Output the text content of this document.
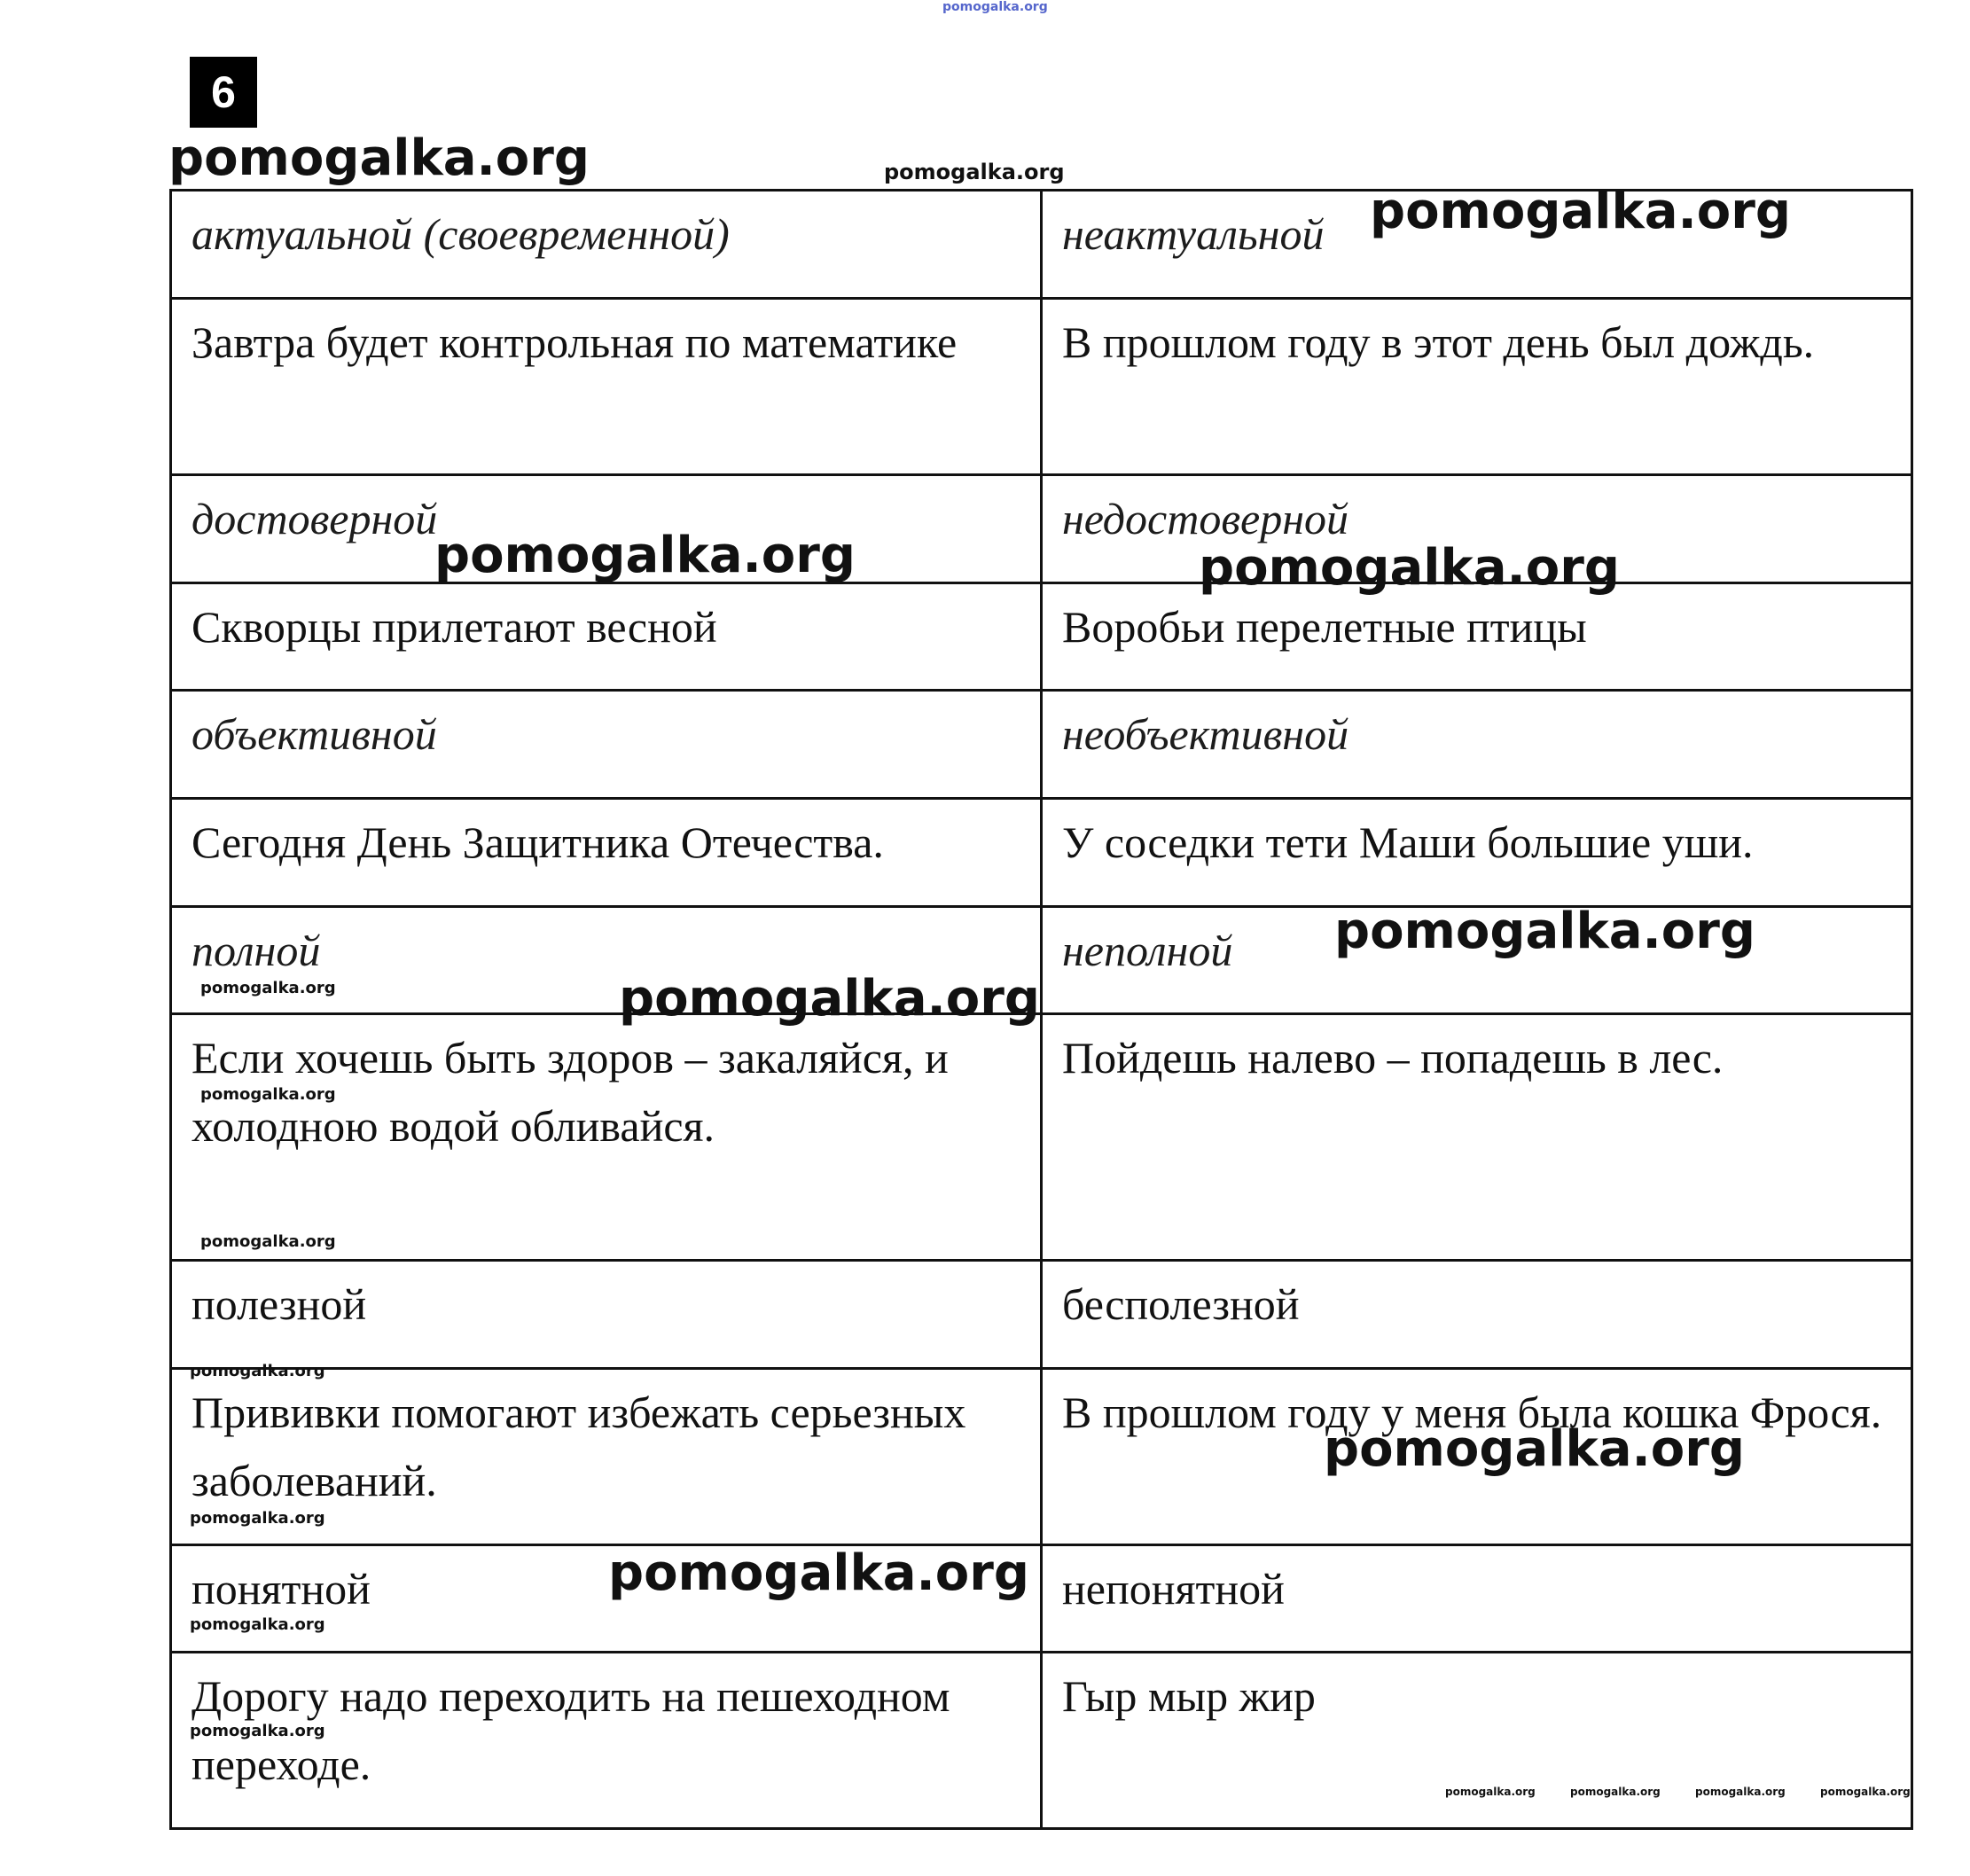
6
pomogalka.org
pomogalka.org	pomogalka.org
pomogalka.org
pomogalka.org	pomogalka.org
pomogalka.org
pomogalka.org	pomogalka.org
pomogalka.org
pomogalka.org
pomogalka.org
pomogalka.org
pomogalka.org
pomogalka.org
pomogalka.org
pomogalka.org
pomogalka.org	pomogalka.org	pomogalka.org	pomogalka.org
актуальной (своевременной)	неактуальной
Завтра будет контрольная по математике	В прошлом году в этот день был дождь.
достоверной	недостоверной
Скворцы прилетают весной	Воробьи перелетные птицы
объективной	необъективной
Сегодня День Защитника Отечества.	У соседки тети Маши большие уши.
полной	неполной
Если хочешь быть здоров – закаляйся, и холодною водой обливайся.	Пойдешь налево – попадешь в лес.
полезной	бесполезной
Прививки помогают избежать серьезных заболеваний.	В прошлом году у меня была кошка Фрося.
понятной	непонятной
Дорогу надо переходить на пешеходном переходе.	Гыр мыр жир
